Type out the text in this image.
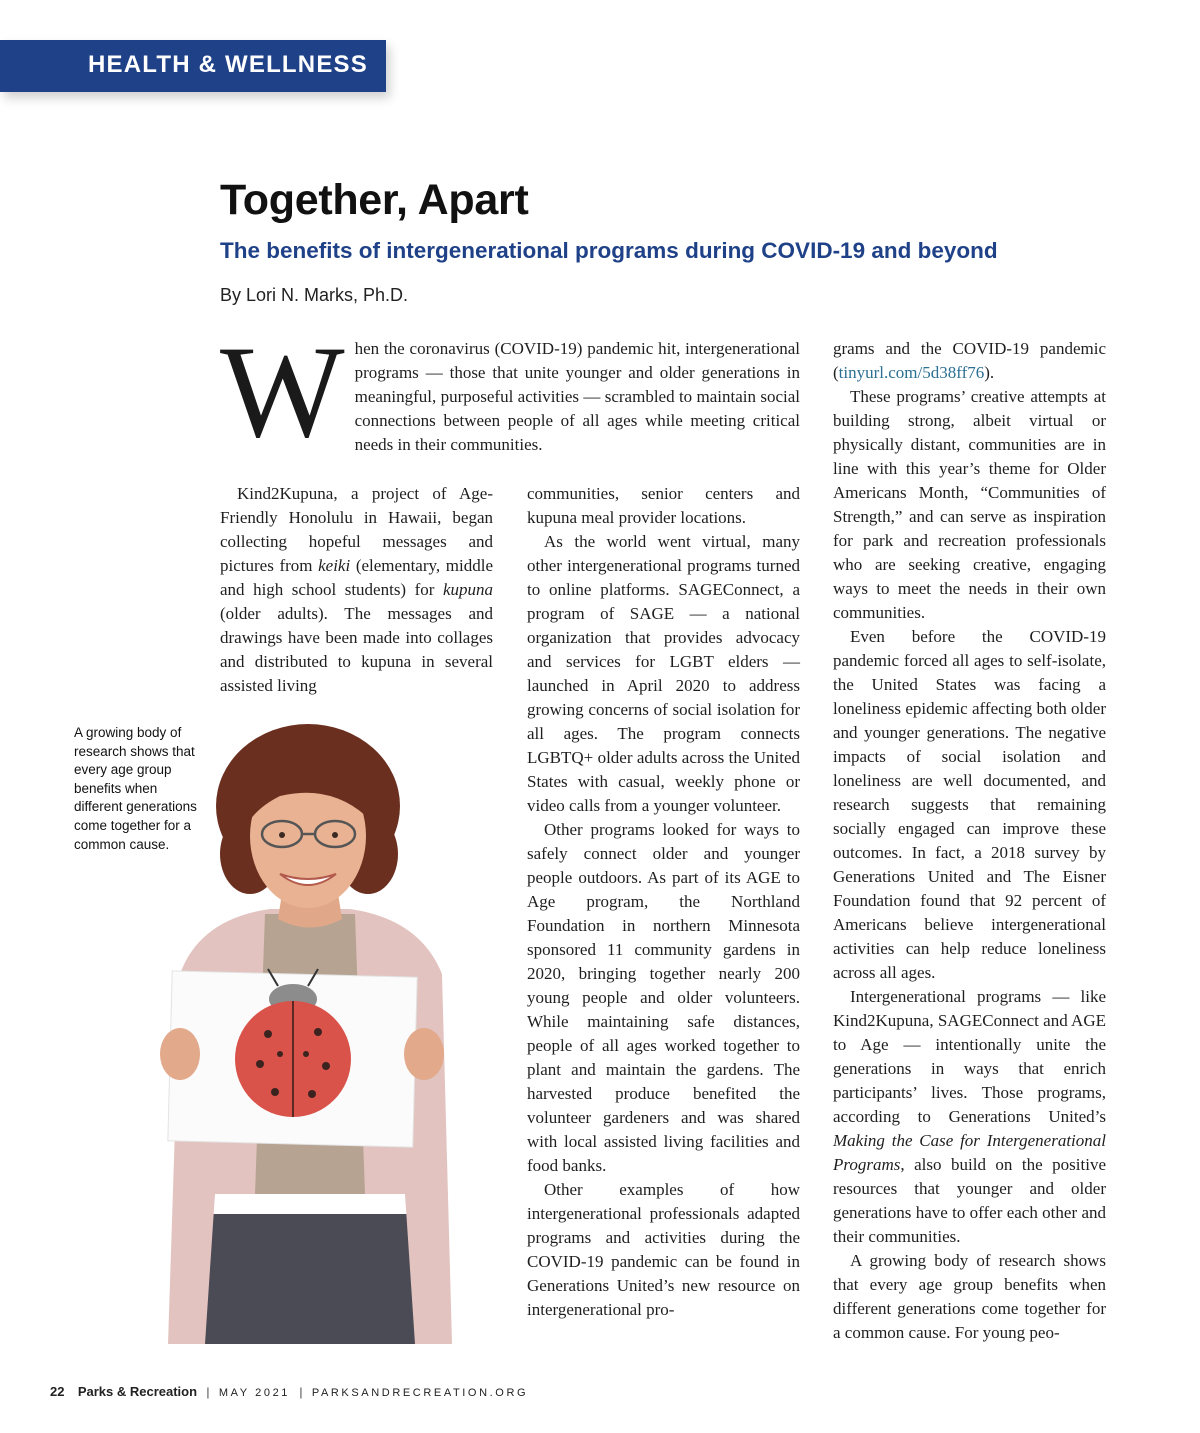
HEALTH & WELLNESS
Together, Apart
The benefits of intergenerational programs during COVID-19 and beyond

By Lori N. Marks, Ph.D.

When the coronavirus (COVID-19) pandemic hit, intergenerational programs — those that unite younger and older generations in meaningful, purposeful activities — scrambled to maintain social connections between people of all ages while meeting critical needs in their communities.

Kind2Kupuna, a project of Age-Friendly Honolulu in Hawaii, began collecting hopeful messages and pictures from keiki (elementary, middle and high school students) for kupuna (older adults). The messages and drawings have been made into collages and distributed to kupuna in several assisted living

communities, senior centers and kupuna meal provider locations.

As the world went virtual, many other intergenerational programs turned to online platforms. SAGEConnect, a program of SAGE — a national organization that provides advocacy and services for LGBT elders — launched in April 2020 to address growing concerns of social isolation for all ages. The program connects LGBTQ+ older adults across the United States with casual, weekly phone or video calls from a younger volunteer.

Other programs looked for ways to safely connect older and younger people outdoors. As part of its AGE to Age program, the Northland Foundation in northern Minnesota sponsored 11 community gardens in 2020, bringing together nearly 200 young people and older volunteers. While maintaining safe distances, people of all ages worked together to plant and maintain the gardens. The harvested produce benefited the volunteer gardeners and was shared with local assisted living facilities and food banks.

Other examples of how intergenerational professionals adapted programs and activities during the COVID-19 pandemic can be found in Generations United’s new resource on intergenerational pro-

grams and the COVID-19 pandemic (tinyurl.com/5d38ff76).

These programs’ creative attempts at building strong, albeit virtual or physically distant, communities are in line with this year’s theme for Older Americans Month, “Communities of Strength,” and can serve as inspiration for park and recreation professionals who are seeking creative, engaging ways to meet the needs in their own communities.

Even before the COVID-19 pandemic forced all ages to self-isolate, the United States was facing a loneliness epidemic affecting both older and younger generations. The negative impacts of social isolation and loneliness are well documented, and research suggests that remaining socially engaged can improve these outcomes. In fact, a 2018 survey by Generations United and The Eisner Foundation found that 92 percent of Americans believe intergenerational activities can help reduce loneliness across all ages.

Intergenerational programs — like Kind2Kupuna, SAGEConnect and AGE to Age — intentionally unite the generations in ways that enrich participants’ lives. Those programs, according to Generations United’s Making the Case for Intergenerational Programs, also build on the positive resources that younger and older generations have to offer each other and their communities.

A growing body of research shows that every age group benefits when different generations come together for a common cause. For young peo-

A growing body of research shows that every age group benefits when different generations come together for a common cause.

22 Parks & Recreation | MAY 2021 | PARKSANDRECREATION.ORG
